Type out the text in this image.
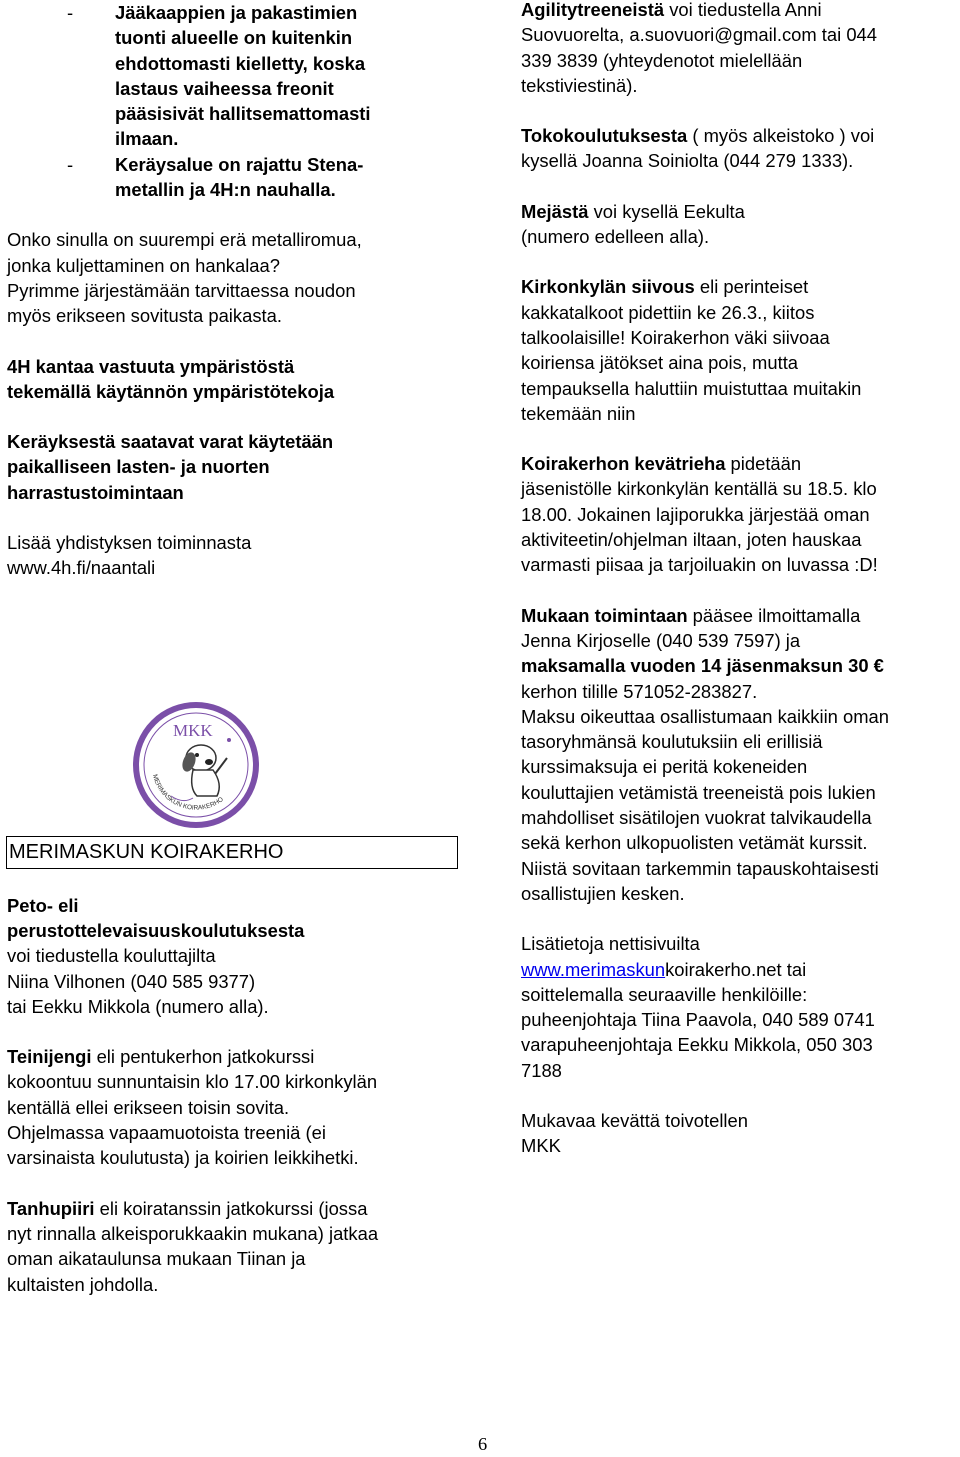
- Jääkaappien ja pakastimien
tuonti alueelle on kuitenkin
ehdottomasti kielletty, koska
lastaus vaiheessa freonit
pääsisivät hallitsemattomasti
ilmaan.
- Keräysalue on rajattu Stena-
metallin ja 4H:n nauhalla.

Onko sinulla on suurempi erä metalliromua,
jonka kuljettaminen on hankalaa?
Pyrimme järjestämään tarvittaessa noudon
myös erikseen sovitusta paikasta.

4H kantaa vastuuta ympäristöstä
tekemällä käytännön ympäristötekoja

Keräyksestä saatavat varat käytetään
paikalliseen lasten- ja nuorten
harrastustoimintaan

Lisää yhdistyksen toiminnasta
www.4h.fi/naantali

MERIMASKUN KOIRAKERHO

Peto- eli
perustottelevaisuuskoulutuksesta
voi tiedustella kouluttajilta
Niina Vilhonen (040 585 9377)
tai Eekku Mikkola (numero alla).

Teinijengi eli pentukerhon jatkokurssi
kokoontuu sunnuntaisin klo 17.00 kirkonkylän
kentällä ellei erikseen toisin sovita.
Ohjelmassa vapaamuotoista treeniä (ei
varsinaista koulutusta) ja koirien leikkihetki.

Tanhupiiri eli koiratanssin jatkokurssi (jossa
nyt rinnalla alkeisporukkaakin mukana) jatkaa
oman aikataulunsa mukaan Tiinan ja
kultaisten johdolla.

MKK
MERIMASKUN KOIRAKERHO

Agilitytreeneistä voi tiedustella Anni
Suovuorelta, a.suovuori@gmail.com tai 044
339 3839 (yhteydenotot mielellään
tekstiviestinä).

Tokokoulutuksesta ( myös alkeistoko ) voi
kysellä Joanna Soiniolta (044 279 1333).

Mejästä voi kysellä Eekulta
(numero edelleen alla).

Kirkonkylän siivous eli perinteiset
kakkatalkoot pidettiin ke 26.3., kiitos
talkoolaisille! Koirakerhon väki siivoaa
koiriensa jätökset aina pois, mutta
tempauksella haluttiin muistuttaa muitakin
tekemään niin

Koirakerhon kevätrieha pidetään
jäsenistölle kirkonkylän kentällä su 18.5. klo
18.00. Jokainen lajiporukka järjestää oman
aktiviteetin/ohjelman iltaan, joten hauskaa
varmasti piisaa ja tarjoiluakin on luvassa :D!

Mukaan toimintaan pääsee ilmoittamalla
Jenna Kirjoselle (040 539 7597) ja
maksamalla vuoden 14 jäsenmaksun 30 €
kerhon tilille 571052-283827.
Maksu oikeuttaa osallistumaan kaikkiin oman
tasoryhmänsä koulutuksiin eli erillisiä
kurssimaksuja ei peritä kokeneiden
kouluttajien vetämistä treeneistä pois lukien
mahdolliset sisätilojen vuokrat talvikaudella
sekä kerhon ulkopuolisten vetämät kurssit.
Niistä sovitaan tarkemmin tapauskohtaisesti
osallistujien kesken.

Lisätietoja nettisivuilta
www.merimaskunkoirakerho.net tai
soittelemalla seuraaville henkilöille:
puheenjohtaja Tiina Paavola, 040 589 0741
varapuheenjohtaja Eekku Mikkola, 050 303
7188

Mukavaa kevättä toivotellen
MKK

6
